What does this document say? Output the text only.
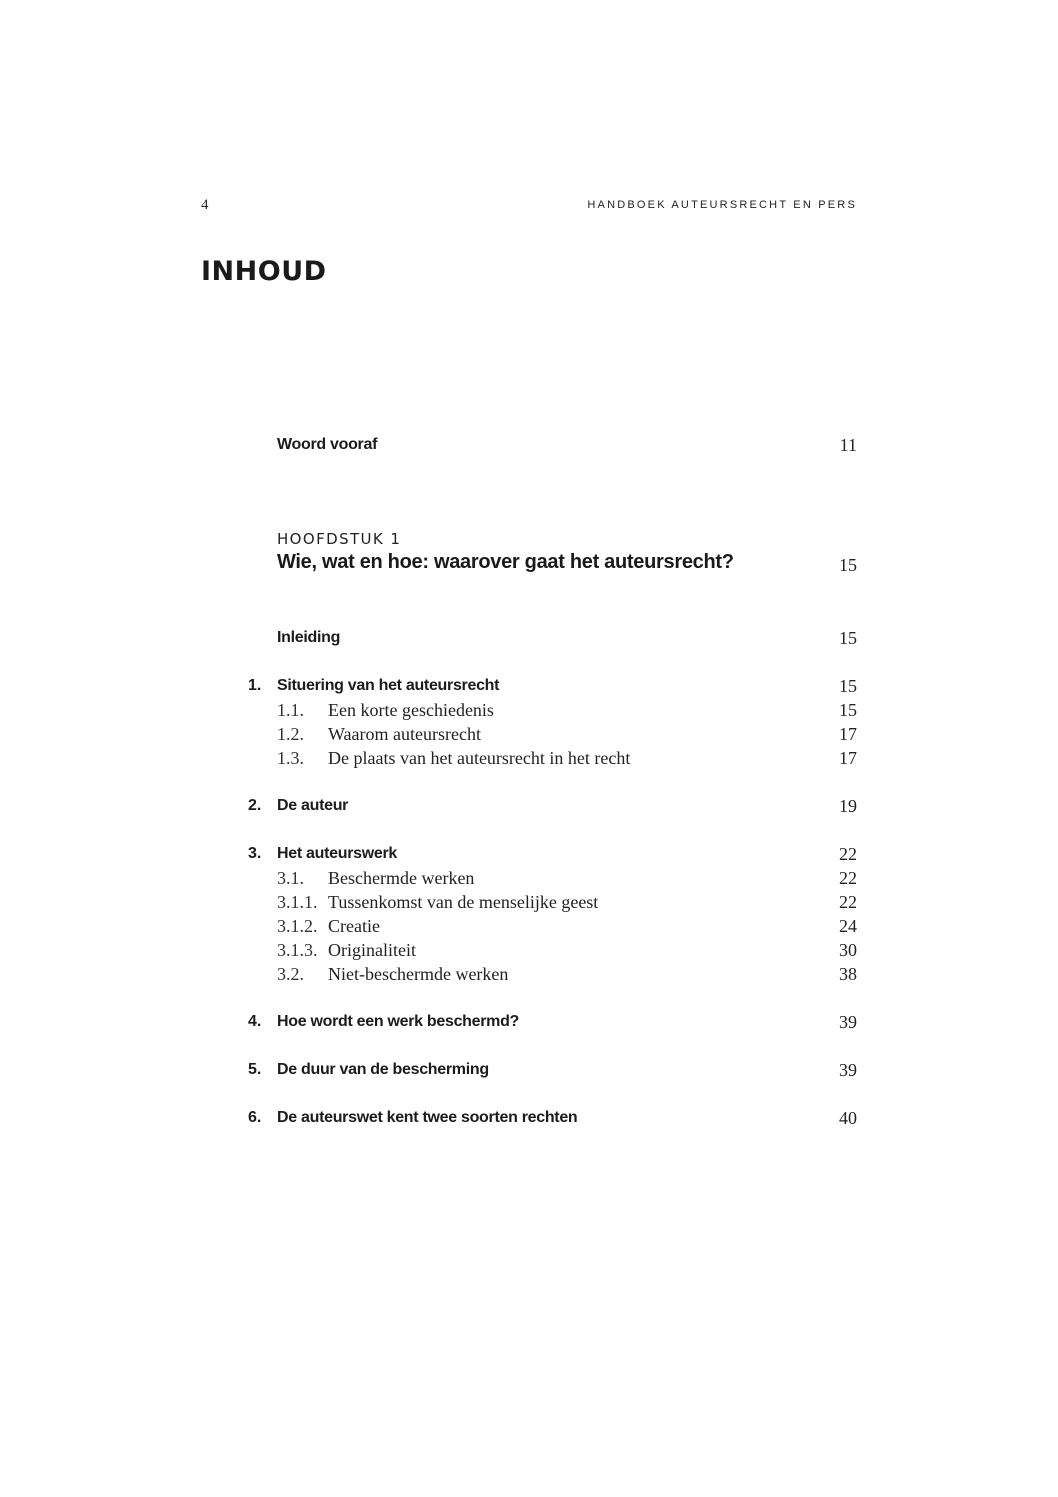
4	HANDBOEK AUTEURSRECHT EN PERS
INHOUD
Woord vooraf	11
HOOFDSTUK 1
Wie, wat en hoe: waarover gaat het auteursrecht?	15
Inleiding	15
1. Situering van het auteursrecht	15
1.1. Een korte geschiedenis	15
1.2. Waarom auteursrecht	17
1.3. De plaats van het auteursrecht in het recht	17
2. De auteur	19
3. Het auteurswerk	22
3.1. Beschermde werken	22
3.1.1. Tussenkomst van de menselijke geest	22
3.1.2. Creatie	24
3.1.3. Originaliteit	30
3.2. Niet-beschermde werken	38
4. Hoe wordt een werk beschermd?	39
5. De duur van de bescherming	39
6. De auteurswet kent twee soorten rechten	40
